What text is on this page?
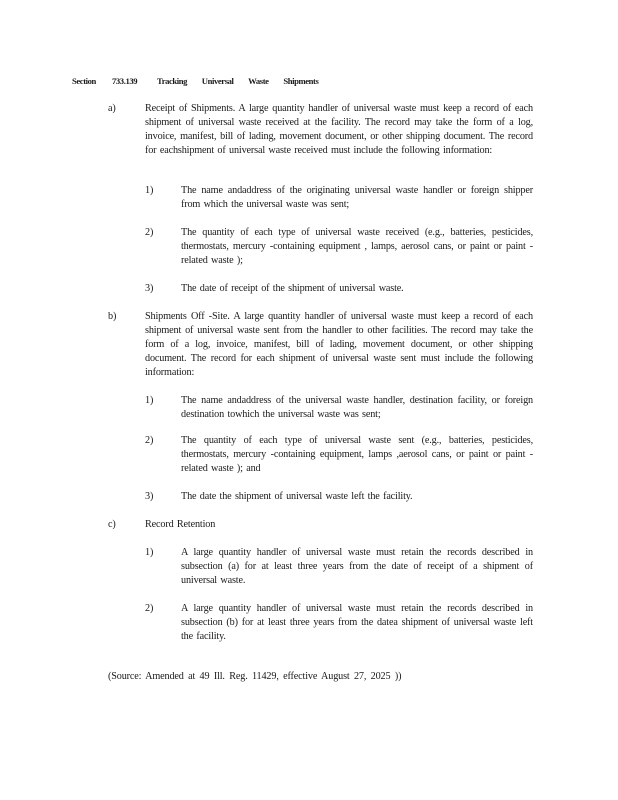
Section	733.139	Tracking Universal Waste Shipments
a)	Receipt of Shipments. A large quantity handler of universal waste must keep a record of each shipment of universal waste received at the facility. The record may take the form of a log, invoice, manifest, bill of lading, movement document, or other shipping document. The record for eachshipment of universal waste received must include the following information:
1)	The name andaddress of the originating universal waste handler or foreign shipper from which the universal waste was sent;
2)	The quantity of each type of universal waste received (e.g., batteries, pesticides, thermostats, mercury -containing equipment , lamps, aerosol cans, or paint or paint - related waste );
3)	The date of receipt of the shipment of universal waste.
b)	Shipments Off -Site. A large quantity handler of universal waste must keep a record of each shipment of universal waste sent from the handler to other facilities. The record may take the form of a log, invoice, manifest, bill of lading, movement document, or other shipping document. The record for each shipment of universal waste sent must include the following information:
1)	The name andaddress of the universal waste handler, destination facility, or foreign destination towhich the universal waste was sent;
2)	The quantity of each type of universal waste sent (e.g., batteries, pesticides, thermostats, mercury -containing equipment, lamps ,aerosol cans, or paint or paint - related waste ); and
3)	The date the shipment of universal waste left the facility.
c)	Record Retention
1)	A large quantity handler of universal waste must retain the records described in subsection (a) for at least three years from the date of receipt of a shipment of universal waste.
2)	A large quantity handler of universal waste must retain the records described in subsection (b) for at least three years from the datea shipment of universal waste left the facility.
(Source: Amended at 49 Ill. Reg. 11429, effective August 27, 2025 ))
